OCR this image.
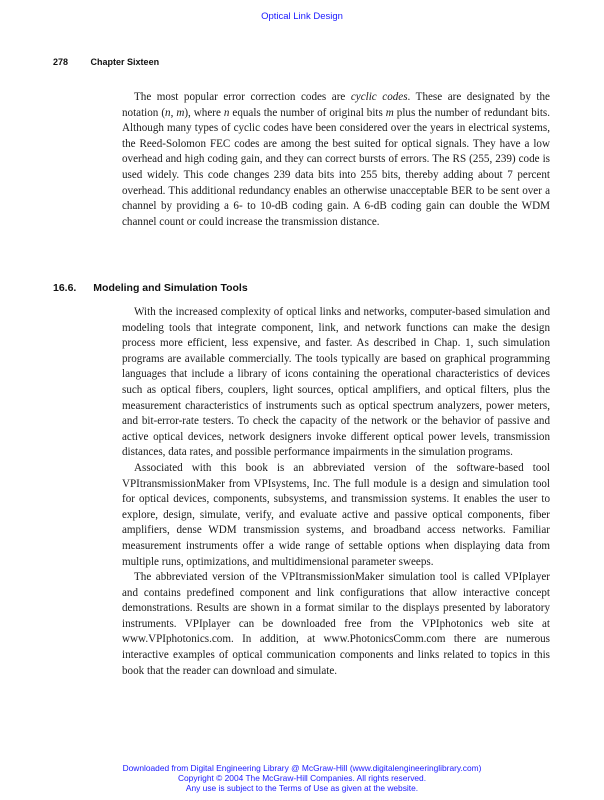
Optical Link Design
278	Chapter Sixteen

The most popular error correction codes are cyclic codes. These are designated by the notation (n, m), where n equals the number of original bits m plus the number of redundant bits. Although many types of cyclic codes have been considered over the years in electrical systems, the Reed-Solomon FEC codes are among the best suited for optical signals. They have a low overhead and high coding gain, and they can correct bursts of errors. The RS (255, 239) code is used widely. This code changes 239 data bits into 255 bits, thereby adding about 7 percent overhead. This additional redundancy enables an otherwise unacceptable BER to be sent over a channel by providing a 6- to 10-dB coding gain. A 6-dB coding gain can double the WDM channel count or could increase the transmission distance.

16.6. Modeling and Simulation Tools

With the increased complexity of optical links and networks, computer-based simulation and modeling tools that integrate component, link, and network functions can make the design process more efficient, less expensive, and faster. As described in Chap. 1, such simulation programs are available commercially. The tools typically are based on graphical programming languages that include a library of icons containing the operational characteristics of devices such as optical fibers, couplers, light sources, optical amplifiers, and optical filters, plus the measurement characteristics of instruments such as optical spectrum analyzers, power meters, and bit-error-rate testers. To check the capacity of the network or the behavior of passive and active optical devices, network designers invoke different optical power levels, transmission distances, data rates, and possible performance impairments in the simulation programs.

Associated with this book is an abbreviated version of the software-based tool VPItransmissionMaker from VPIsystems, Inc. The full module is a design and simulation tool for optical devices, components, subsystems, and transmission systems. It enables the user to explore, design, simulate, verify, and evaluate active and passive optical components, fiber amplifiers, dense WDM transmission systems, and broadband access networks. Familiar measurement instruments offer a wide range of settable options when displaying data from multiple runs, optimizations, and multidimensional parameter sweeps.

The abbreviated version of the VPItransmissionMaker simulation tool is called VPIplayer and contains predefined component and link configurations that allow interactive concept demonstrations. Results are shown in a format similar to the displays presented by laboratory instruments. VPIplayer can be downloaded free from the VPIphotonics web site at www.VPIphotonics.com. In addition, at www.PhotonicsComm.com there are numerous interactive examples of optical communication components and links related to topics in this book that the reader can download and simulate.

Downloaded from Digital Engineering Library @ McGraw-Hill (www.digitalengineeringlibrary.com)
Copyright © 2004 The McGraw-Hill Companies. All rights reserved.
Any use is subject to the Terms of Use as given at the website.
